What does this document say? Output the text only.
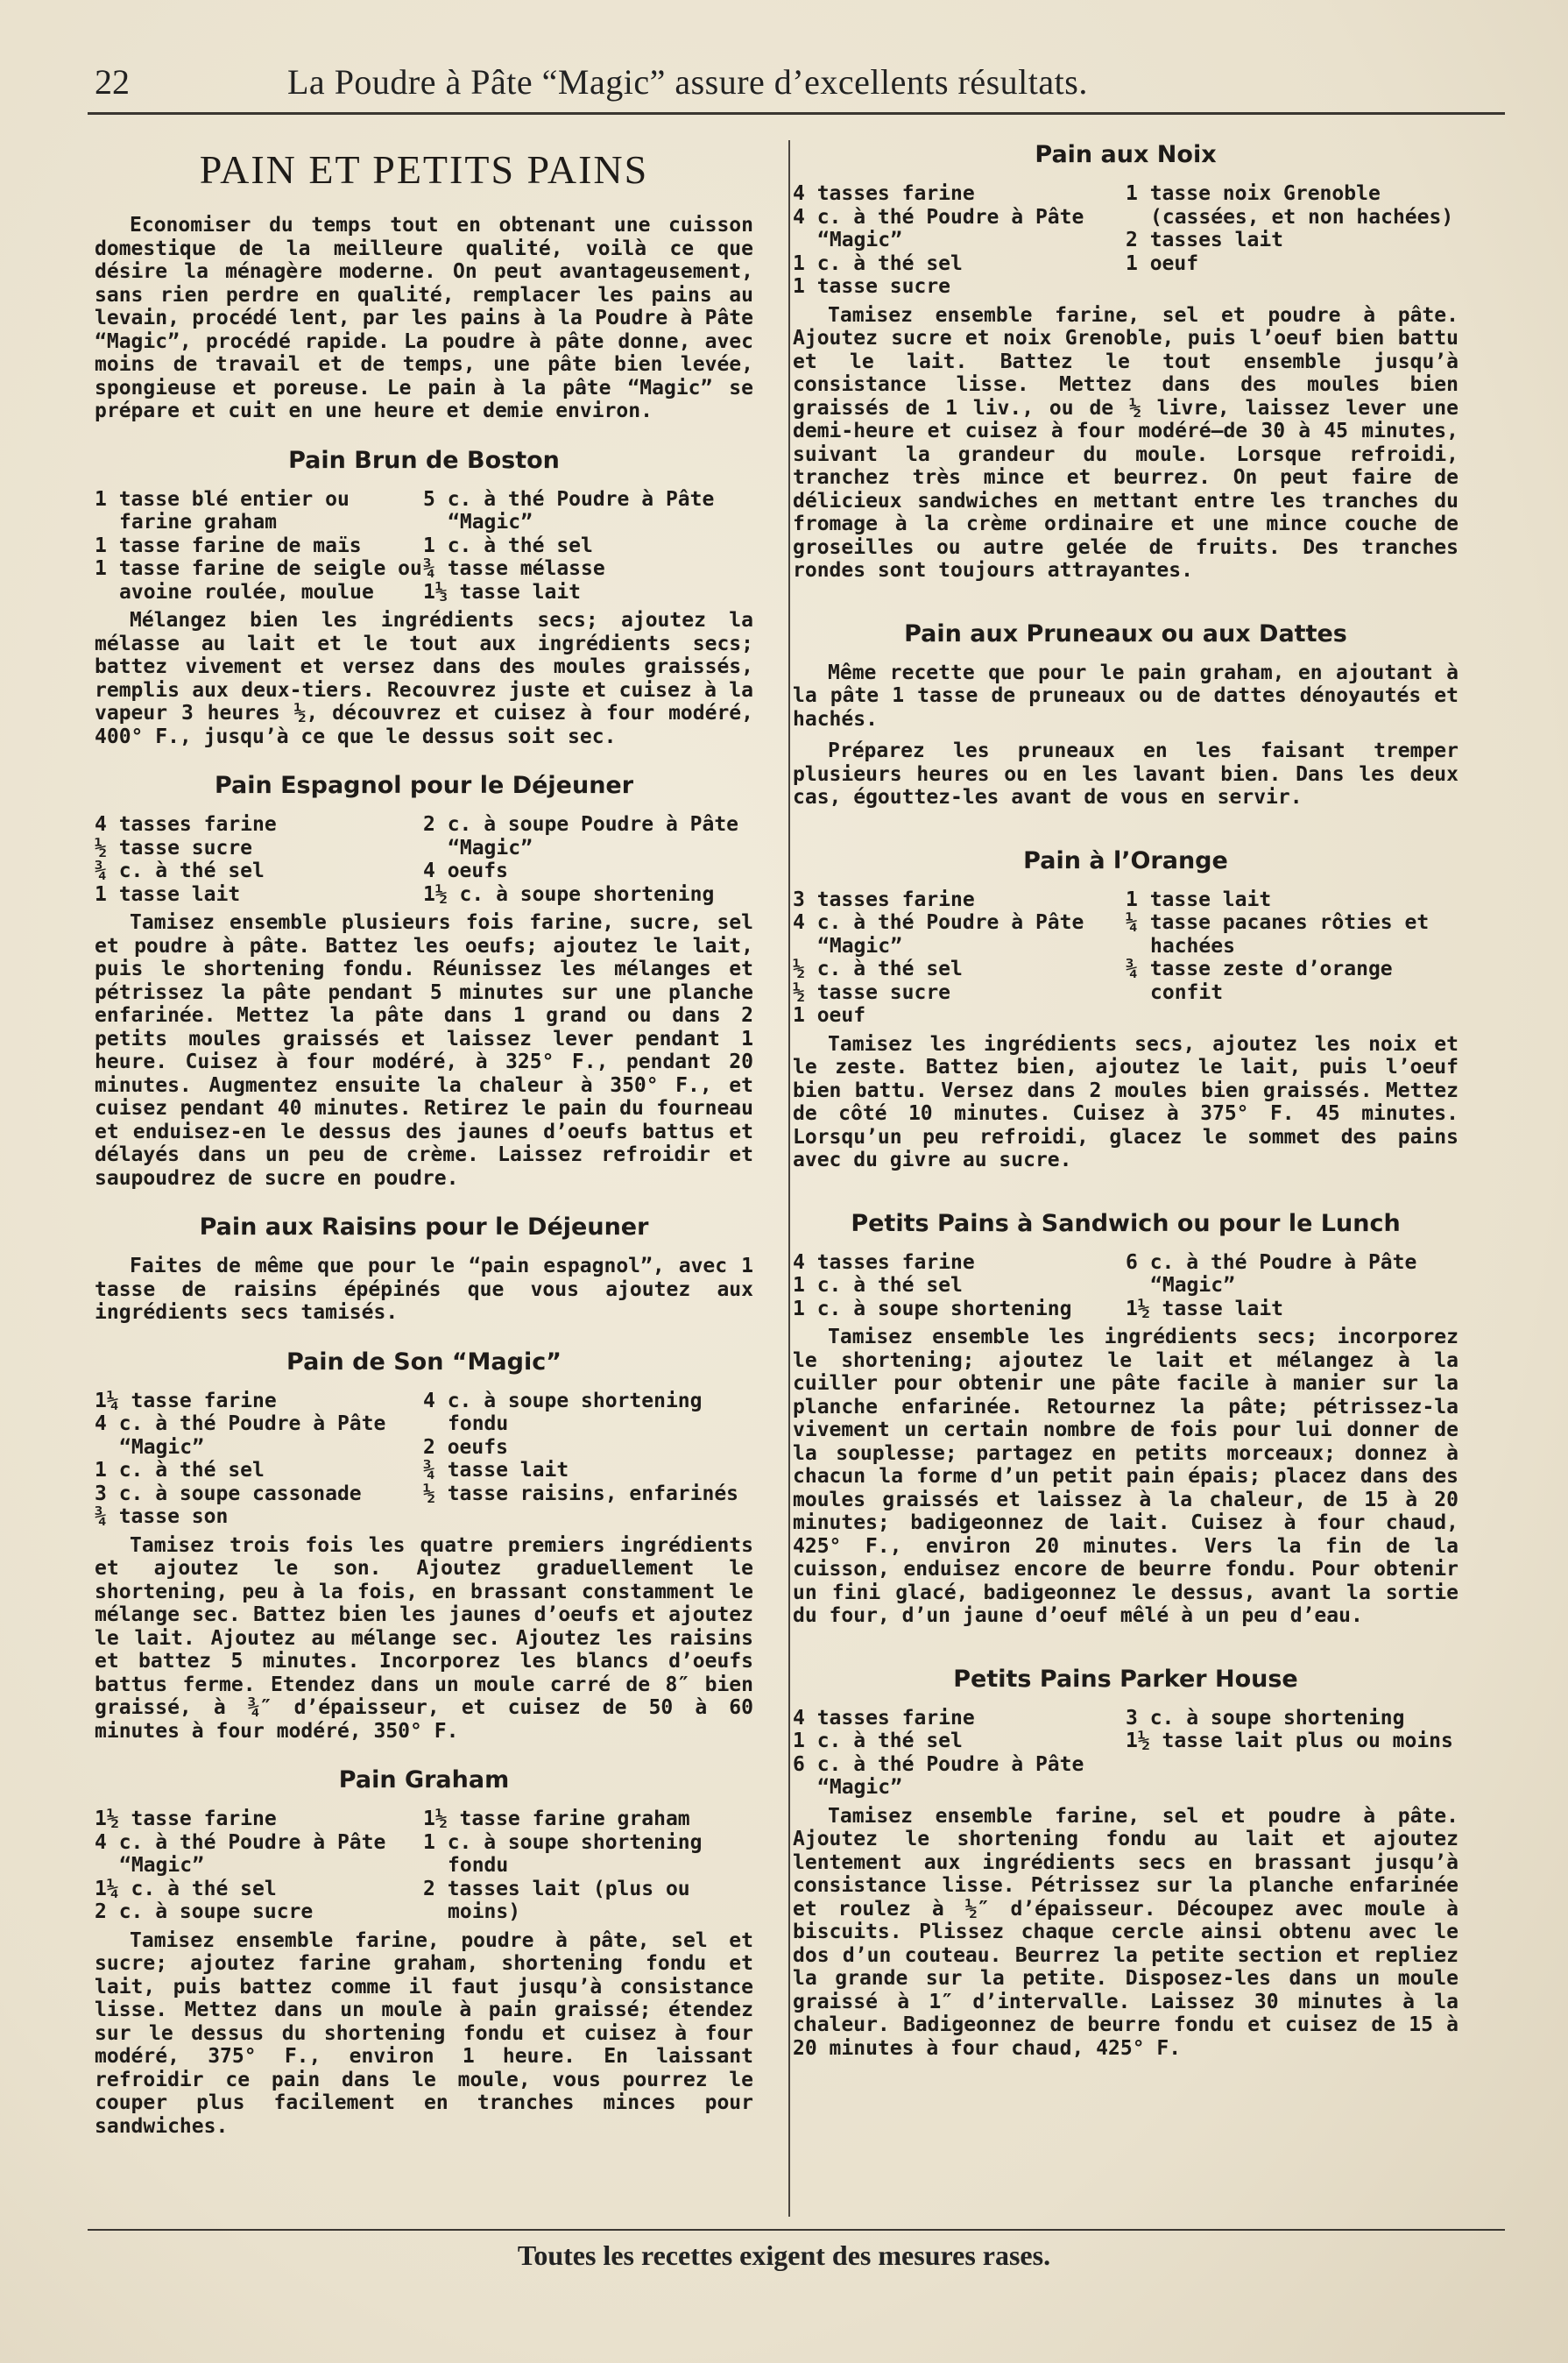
22	La Poudre à Pâte “Magic” assure d’excellents résultats.
PAIN ET PETITS PAINS

Economiser du temps tout en obtenant une cuisson domestique de la meilleure qualité, voilà ce que désire la ménagère moderne. On peut avantageusement, sans rien perdre en qualité, remplacer les pains au levain, procédé lent, par les pains à la Poudre à Pâte “Magic”, procédé rapide. La poudre à pâte donne, avec moins de travail et de temps, une pâte bien levée, spongieuse et poreuse. Le pain à la pâte “Magic” se prépare et cuit en une heure et demie environ.

Pain Brun de Boston
1 tasse blé entier ou farine graham
1 tasse farine de maïs
1 tasse farine de seigle ou avoine roulée, moulue
5 c. à thé Poudre à Pâte “Magic”
1 c. à thé sel
¾ tasse mélasse
1⅓ tasse lait

Mélangez bien les ingrédients secs; ajoutez la mélasse au lait et le tout aux ingrédients secs; battez vivement et versez dans des moules graissés, remplis aux deux-tiers. Recouvrez juste et cuisez à la vapeur 3 heures ½, découvrez et cuisez à four modéré, 400° F., jusqu’à ce que le dessus soit sec.

Pain Espagnol pour le Déjeuner
4 tasses farine
½ tasse sucre
¾ c. à thé sel
1 tasse lait
2 c. à soupe Poudre à Pâte “Magic”
4 oeufs
1½ c. à soupe shortening

Tamisez ensemble plusieurs fois farine, sucre, sel et poudre à pâte. Battez les oeufs; ajoutez le lait, puis le shortening fondu. Réunissez les mélanges et pétrissez la pâte pendant 5 minutes sur une planche enfarinée. Mettez la pâte dans 1 grand ou dans 2 petits moules graissés et laissez lever pendant 1 heure. Cuisez à four modéré, à 325° F., pendant 20 minutes. Augmentez ensuite la chaleur à 350° F., et cuisez pendant 40 minutes. Retirez le pain du fourneau et enduisez-en le dessus des jaunes d’oeufs battus et délayés dans un peu de crème. Laissez refroidir et saupoudrez de sucre en poudre.

Pain aux Raisins pour le Déjeuner

Faites de même que pour le “pain espagnol”, avec 1 tasse de raisins épépinés que vous ajoutez aux ingrédients secs tamisés.

Pain de Son “Magic”
1¼ tasse farine
4 c. à thé Poudre à Pâte “Magic”
1 c. à thé sel
3 c. à soupe cassonade
¾ tasse son
4 c. à soupe shortening fondu
2 oeufs
¾ tasse lait
½ tasse raisins, enfarinés

Tamisez trois fois les quatre premiers ingrédients et ajoutez le son. Ajoutez graduellement le shortening, peu à la fois, en brassant constamment le mélange sec. Battez bien les jaunes d’oeufs et ajoutez le lait. Ajoutez au mélange sec. Ajoutez les raisins et battez 5 minutes. Incorporez les blancs d’oeufs battus ferme. Etendez dans un moule carré de 8″ bien graissé, à ¾″ d’épaisseur, et cuisez de 50 à 60 minutes à four modéré, 350° F.

Pain Graham
1½ tasse farine
4 c. à thé Poudre à Pâte “Magic”
1¼ c. à thé sel
2 c. à soupe sucre
1½ tasse farine graham
1 c. à soupe shortening fondu
2 tasses lait (plus ou moins)

Tamisez ensemble farine, poudre à pâte, sel et sucre; ajoutez farine graham, shortening fondu et lait, puis battez comme il faut jusqu’à consistance lisse. Mettez dans un moule à pain graissé; étendez sur le dessus du shortening fondu et cuisez à four modéré, 375° F., environ 1 heure. En laissant refroidir ce pain dans le moule, vous pourrez le couper plus facilement en tranches minces pour sandwiches.

Pain aux Noix
4 tasses farine
4 c. à thé Poudre à Pâte “Magic”
1 c. à thé sel
1 tasse sucre
1 tasse noix Grenoble (cassées, et non hachées)
2 tasses lait
1 oeuf

Tamisez ensemble farine, sel et poudre à pâte. Ajoutez sucre et noix Grenoble, puis l’oeuf bien battu et le lait. Battez le tout ensemble jusqu’à consistance lisse. Mettez dans des moules bien graissés de 1 liv., ou de ½ livre, laissez lever une demi-heure et cuisez à four modéré—de 30 à 45 minutes, suivant la grandeur du moule. Lorsque refroidi, tranchez très mince et beurrez. On peut faire de délicieux sandwiches en mettant entre les tranches du fromage à la crème ordinaire et une mince couche de groseilles ou autre gelée de fruits. Des tranches rondes sont toujours attrayantes.

Pain aux Pruneaux ou aux Dattes

Même recette que pour le pain graham, en ajoutant à la pâte 1 tasse de pruneaux ou de dattes dénoyautés et hachés.

Préparez les pruneaux en les faisant tremper plusieurs heures ou en les lavant bien. Dans les deux cas, égouttez-les avant de vous en servir.

Pain à l’Orange
3 tasses farine
4 c. à thé Poudre à Pâte “Magic”
½ c. à thé sel
½ tasse sucre
1 oeuf
1 tasse lait
¼ tasse pacanes rôties et hachées
¾ tasse zeste d’orange confit

Tamisez les ingrédients secs, ajoutez les noix et le zeste. Battez bien, ajoutez le lait, puis l’oeuf bien battu. Versez dans 2 moules bien graissés. Mettez de côté 10 minutes. Cuisez à 375° F. 45 minutes. Lorsqu’un peu refroidi, glacez le sommet des pains avec du givre au sucre.

Petits Pains à Sandwich ou pour le Lunch
4 tasses farine
1 c. à thé sel
1 c. à soupe shortening
6 c. à thé Poudre à Pâte “Magic”
1½ tasse lait

Tamisez ensemble les ingrédients secs; incorporez le shortening; ajoutez le lait et mélangez à la cuiller pour obtenir une pâte facile à manier sur la planche enfarinée. Retournez la pâte; pétrissez-la vivement un certain nombre de fois pour lui donner de la souplesse; partagez en petits morceaux; donnez à chacun la forme d’un petit pain épais; placez dans des moules graissés et laissez à la chaleur, de 15 à 20 minutes; badigeonnez de lait. Cuisez à four chaud, 425° F., environ 20 minutes. Vers la fin de la cuisson, enduisez encore de beurre fondu. Pour obtenir un fini glacé, badigeonnez le dessus, avant la sortie du four, d’un jaune d’oeuf mêlé à un peu d’eau.

Petits Pains Parker House
4 tasses farine
1 c. à thé sel
6 c. à thé Poudre à Pâte “Magic”
3 c. à soupe shortening
1½ tasse lait plus ou moins

Tamisez ensemble farine, sel et poudre à pâte. Ajoutez le shortening fondu au lait et ajoutez lentement aux ingrédients secs en brassant jusqu’à consistance lisse. Pétrissez sur la planche enfarinée et roulez à ½″ d’épaisseur. Découpez avec moule à biscuits. Plissez chaque cercle ainsi obtenu avec le dos d’un couteau. Beurrez la petite section et repliez la grande sur la petite. Disposez-les dans un moule graissé à 1″ d’intervalle. Laissez 30 minutes à la chaleur. Badigeonnez de beurre fondu et cuisez de 15 à 20 minutes à four chaud, 425° F.

Toutes les recettes exigent des mesures rases.
